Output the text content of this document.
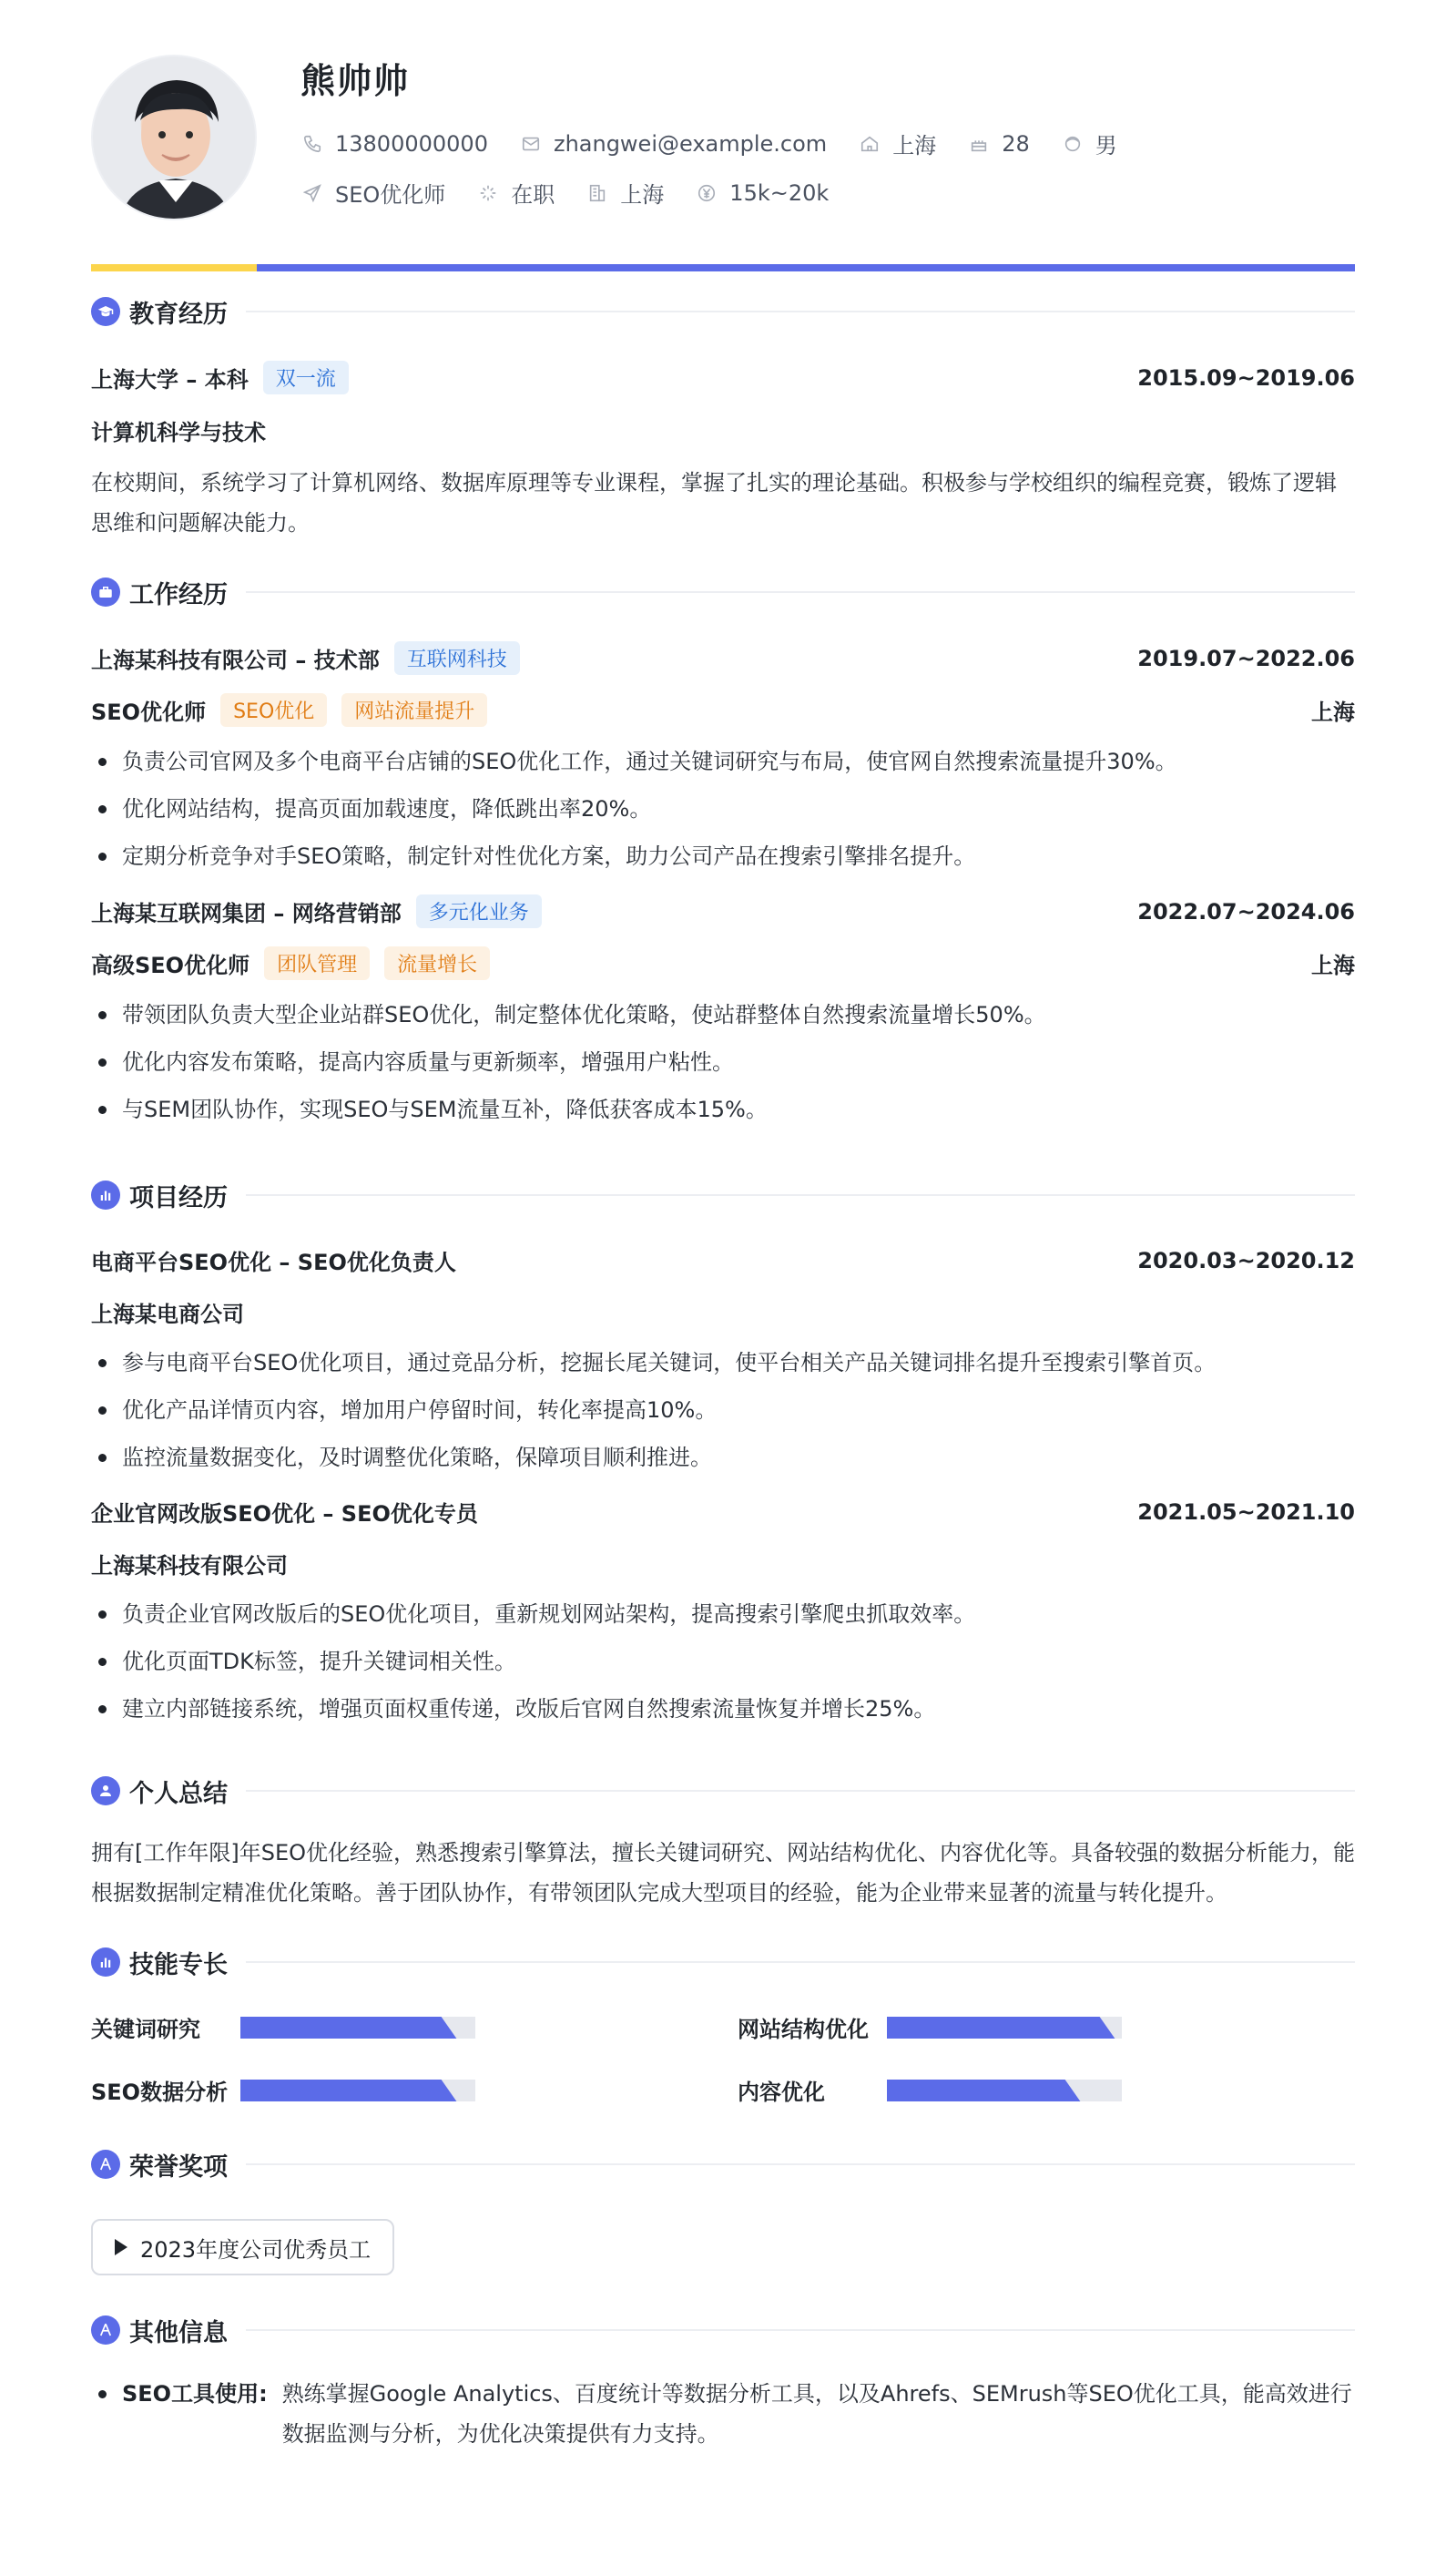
熊帅帅
13800000000	zhangwei@example.com	上海	28	男
SEO优化师	在职	上海	15k~20k
教育经历
上海大学 – 本科	双一流	2015.09~2019.06
计算机科学与技术
在校期间，系统学习了计算机网络、数据库原理等专业课程，掌握了扎实的理论基础。积极参与学校组织的编程竞赛，锻炼了逻辑思维和问题解决能力。
工作经历
上海某科技有限公司 – 技术部	互联网科技	2019.07~2022.06
SEO优化师	SEO优化	网站流量提升	上海
负责公司官网及多个电商平台店铺的SEO优化工作，通过关键词研究与布局，使官网自然搜索流量提升30%。
优化网站结构，提高页面加载速度，降低跳出率20%。
定期分析竞争对手SEO策略，制定针对性优化方案，助力公司产品在搜索引擎排名提升。
上海某互联网集团 – 网络营销部	多元化业务	2022.07~2024.06
高级SEO优化师	团队管理	流量增长	上海
带领团队负责大型企业站群SEO优化，制定整体优化策略，使站群整体自然搜索流量增长50%。
优化内容发布策略，提高内容质量与更新频率，增强用户粘性。
与SEM团队协作，实现SEO与SEM流量互补，降低获客成本15%。
项目经历
电商平台SEO优化 – SEO优化负责人	2020.03~2020.12
上海某电商公司
参与电商平台SEO优化项目，通过竞品分析，挖掘长尾关键词，使平台相关产品关键词排名提升至搜索引擎首页。
优化产品详情页内容，增加用户停留时间，转化率提高10%。
监控流量数据变化，及时调整优化策略，保障项目顺利推进。
企业官网改版SEO优化 – SEO优化专员	2021.05~2021.10
上海某科技有限公司
负责企业官网改版后的SEO优化项目，重新规划网站架构，提高搜索引擎爬虫抓取效率。
优化页面TDK标签，提升关键词相关性。
建立内部链接系统，增强页面权重传递，改版后官网自然搜索流量恢复并增长25%。
个人总结
拥有[工作年限]年SEO优化经验，熟悉搜索引擎算法，擅长关键词研究、网站结构优化、内容优化等。具备较强的数据分析能力，能根据数据制定精准优化策略。善于团队协作，有带领团队完成大型项目的经验，能为企业带来显著的流量与转化提升。
技能专长
关键词研究	网站结构优化
SEO数据分析	内容优化
荣誉奖项
2023年度公司优秀员工
其他信息
SEO工具使用: 熟练掌握Google Analytics、百度统计等数据分析工具，以及Ahrefs、SEMrush等SEO优化工具，能高效进行数据监测与分析，为优化决策提供有力支持。
